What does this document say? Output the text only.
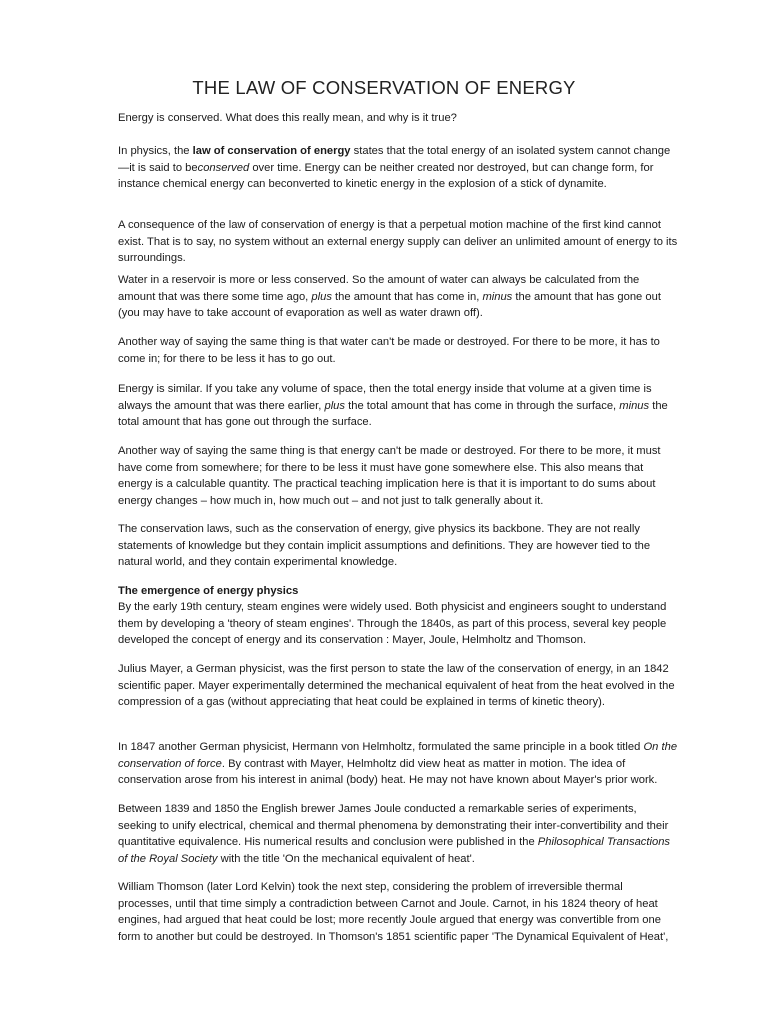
THE LAW OF CONSERVATION OF ENERGY

Energy is conserved. What does this really mean, and why is it true?

In physics, the law of conservation of energy states that the total energy of an isolated system cannot change—it is said to beconserved over time. Energy can be neither created nor destroyed, but can change form, for instance chemical energy can beconverted to kinetic energy in the explosion of a stick of dynamite.

A consequence of the law of conservation of energy is that a perpetual motion machine of the first kind cannot exist. That is to say, no system without an external energy supply can deliver an unlimited amount of energy to its surroundings.

Water in a reservoir is more or less conserved. So the amount of water can always be calculated from the amount that was there some time ago, plus the amount that has come in, minus the amount that has gone out (you may have to take account of evaporation as well as water drawn off).

Another way of saying the same thing is that water can't be made or destroyed. For there to be more, it has to come in; for there to be less it has to go out.

Energy is similar. If you take any volume of space, then the total energy inside that volume at a given time is always the amount that was there earlier, plus the total amount that has come in through the surface, minus the total amount that has gone out through the surface.

Another way of saying the same thing is that energy can't be made or destroyed. For there to be more, it must have come from somewhere; for there to be less it must have gone somewhere else. This also means that energy is a calculable quantity. The practical teaching implication here is that it is important to do sums about energy changes – how much in, how much out – and not just to talk generally about it.

The conservation laws, such as the conservation of energy, give physics its backbone. They are not really statements of knowledge but they contain implicit assumptions and definitions. They are however tied to the natural world, and they contain experimental knowledge.

The emergence of energy physics

By the early 19th century, steam engines were widely used. Both physicist and engineers sought to understand them by developing a 'theory of steam engines'. Through the 1840s, as part of this process, several key people developed the concept of energy and its conservation : Mayer, Joule, Helmholtz and Thomson.

Julius Mayer, a German physicist, was the first person to state the law of the conservation of energy, in an 1842 scientific paper. Mayer experimentally determined the mechanical equivalent of heat from the heat evolved in the compression of a gas (without appreciating that heat could be explained in terms of kinetic theory).

In 1847 another German physicist, Hermann von Helmholtz, formulated the same principle in a book titled On the conservation of force. By contrast with Mayer, Helmholtz did view heat as matter in motion. The idea of conservation arose from his interest in animal (body) heat. He may not have known about Mayer's prior work.

Between 1839 and 1850 the English brewer James Joule conducted a remarkable series of experiments, seeking to unify electrical, chemical and thermal phenomena by demonstrating their inter-convertibility and their quantitative equivalence. His numerical results and conclusion were published in the Philosophical Transactions of the Royal Society with the title 'On the mechanical equivalent of heat'.

William Thomson (later Lord Kelvin) took the next step, considering the problem of irreversible thermal processes, until that time simply a contradiction between Carnot and Joule. Carnot, in his 1824 theory of heat engines, had argued that heat could be lost; more recently Joule argued that energy was convertible from one form to another but could be destroyed. In Thomson's 1851 scientific paper 'The Dynamical Equivalent of Heat',
